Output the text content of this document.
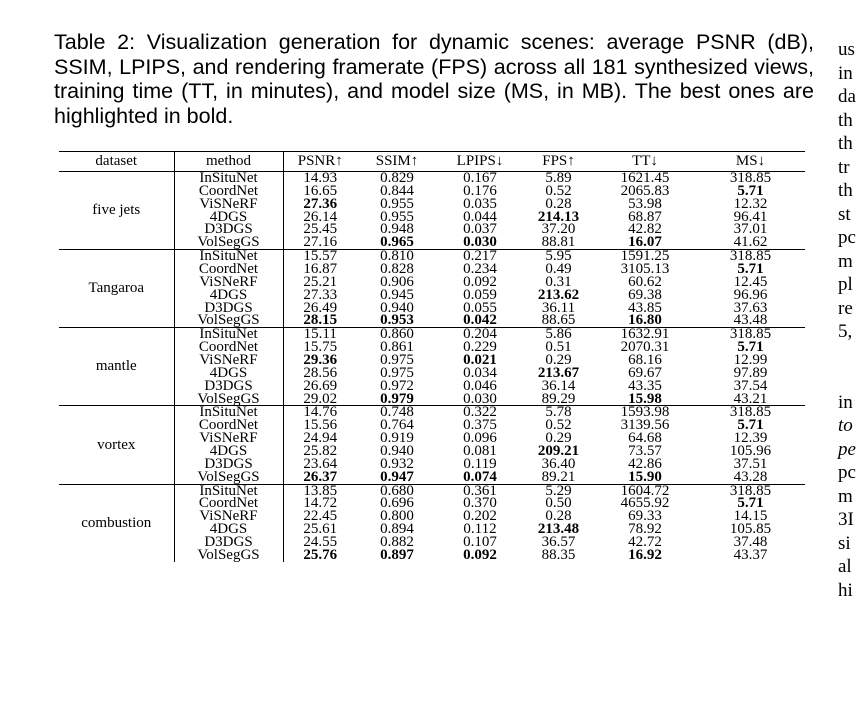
Table 2: Visualization generation for dynamic scenes: average PSNR (dB), SSIM, LPIPS, and rendering framerate (FPS) across all 181 synthesized views, training time (TT, in minutes), and model size (MS, in MB). The best ones are highlighted in bold.
dataset	method	PSNR↑	SSIM↑	LPIPS↓	FPS↑	TT↓	MS↓
five jets	InSituNet	14.93	0.829	0.167	5.89	1621.45	318.85
	CoordNet	16.65	0.844	0.176	0.52	2065.83	5.71
	ViSNeRF	27.36	0.955	0.035	0.28	53.98	12.32
	4DGS	26.14	0.955	0.044	214.13	68.87	96.41
	D3DGS	25.45	0.948	0.037	37.20	42.82	37.01
	VolSegGS	27.16	0.965	0.030	88.81	16.07	41.62
Tangaroa	InSituNet	15.57	0.810	0.217	5.95	1591.25	318.85
	CoordNet	16.87	0.828	0.234	0.49	3105.13	5.71
	ViSNeRF	25.21	0.906	0.092	0.31	60.62	12.45
	4DGS	27.33	0.945	0.059	213.62	69.38	96.96
	D3DGS	26.49	0.940	0.055	36.11	43.85	37.63
	VolSegGS	28.15	0.953	0.042	88.65	16.80	43.48
mantle	InSituNet	15.11	0.860	0.204	5.86	1632.91	318.85
	CoordNet	15.75	0.861	0.229	0.51	2070.31	5.71
	ViSNeRF	29.36	0.975	0.021	0.29	68.16	12.99
	4DGS	28.56	0.975	0.034	213.67	69.67	97.89
	D3DGS	26.69	0.972	0.046	36.14	43.35	37.54
	VolSegGS	29.02	0.979	0.030	89.29	15.98	43.21
vortex	InSituNet	14.76	0.748	0.322	5.78	1593.98	318.85
	CoordNet	15.56	0.764	0.375	0.52	3139.56	5.71
	ViSNeRF	24.94	0.919	0.096	0.29	64.68	12.39
	4DGS	25.82	0.940	0.081	209.21	73.57	105.96
	D3DGS	23.64	0.932	0.119	36.40	42.86	37.51
	VolSegGS	26.37	0.947	0.074	89.21	15.90	43.28
combustion	InSituNet	13.85	0.680	0.361	5.29	1604.72	318.85
	CoordNet	14.72	0.696	0.370	0.50	4655.92	5.71
	ViSNeRF	22.45	0.800	0.202	0.28	69.33	14.15
	4DGS	25.61	0.894	0.112	213.48	78.92	105.85
	D3DGS	24.55	0.882	0.107	36.57	42.72	37.48
	VolSegGS	25.76	0.897	0.092	88.35	16.92	43.37
us
in
da
th
th
tr
th
st
pc
m
pl
re
5,
in
to
pe
pc
m
3I
si
al
hi
